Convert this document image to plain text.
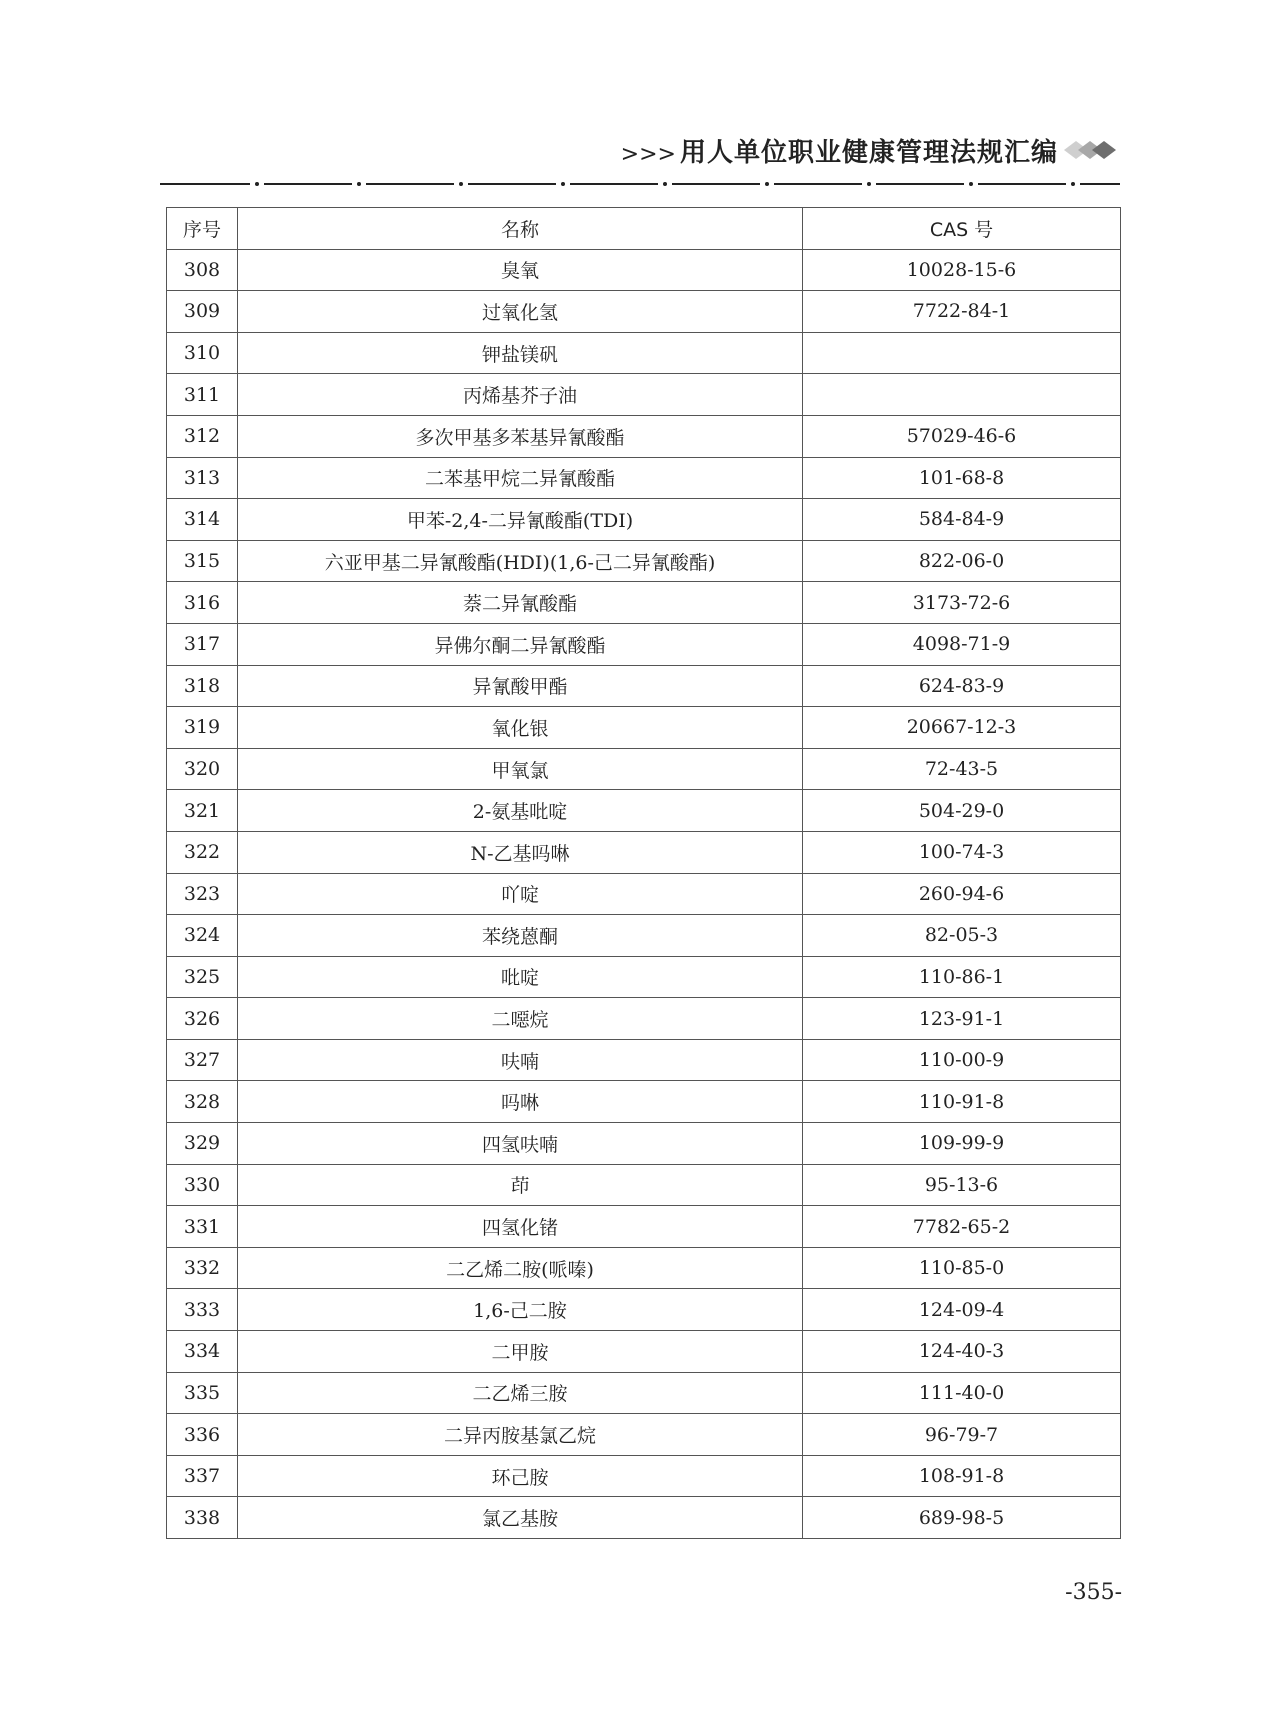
>>> 用人单位职业健康管理法规汇编
序号	名称	CAS 号
308	臭氧	10028-15-6
309	过氧化氢	7722-84-1
310	钾盐镁矾	
311	丙烯基芥子油	
312	多次甲基多苯基异氰酸酯	57029-46-6
313	二苯基甲烷二异氰酸酯	101-68-8
314	甲苯-2,4-二异氰酸酯(TDI)	584-84-9
315	六亚甲基二异氰酸酯(HDI)(1,6-己二异氰酸酯)	822-06-0
316	萘二异氰酸酯	3173-72-6
317	异佛尔酮二异氰酸酯	4098-71-9
318	异氰酸甲酯	624-83-9
319	氧化银	20667-12-3
320	甲氧氯	72-43-5
321	2-氨基吡啶	504-29-0
322	N-乙基吗啉	100-74-3
323	吖啶	260-94-6
324	苯绕蒽酮	82-05-3
325	吡啶	110-86-1
326	二噁烷	123-91-1
327	呋喃	110-00-9
328	吗啉	110-91-8
329	四氢呋喃	109-99-9
330	茚	95-13-6
331	四氢化锗	7782-65-2
332	二乙烯二胺(哌嗪)	110-85-0
333	1,6-己二胺	124-09-4
334	二甲胺	124-40-3
335	二乙烯三胺	111-40-0
336	二异丙胺基氯乙烷	96-79-7
337	环己胺	108-91-8
338	氯乙基胺	689-98-5
-355-
